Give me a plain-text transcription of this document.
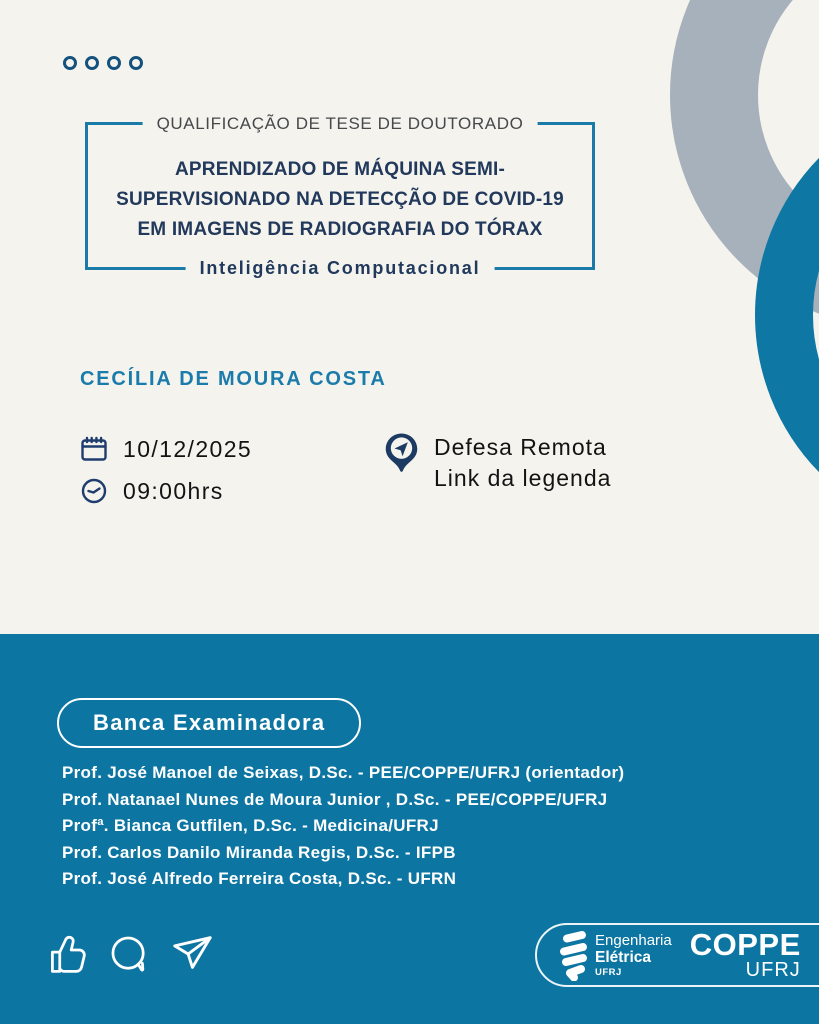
QUALIFICAÇÃO DE TESE DE DOUTORADO
APRENDIZADO DE MÁQUINA SEMI-
SUPERVISIONADO NA DETECÇÃO DE COVID-19
EM IMAGENS DE RADIOGRAFIA DO TÓRAX
Inteligência Computacional
CECÍLIA DE MOURA COSTA
10/12/2025
09:00hrs
Defesa Remota
Link da legenda
Banca Examinadora
Prof. José Manoel de Seixas, D.Sc. - PEE/COPPE/UFRJ (orientador)
Prof. Natanael Nunes de Moura Junior , D.Sc. - PEE/COPPE/UFRJ
Profª. Bianca Gutfilen, D.Sc. - Medicina/UFRJ
Prof. Carlos Danilo Miranda Regis, D.Sc. - IFPB
Prof. José Alfredo Ferreira Costa, D.Sc. - UFRN
Engenharia
Elétrica
UFRJ
COPPE
UFRJ
